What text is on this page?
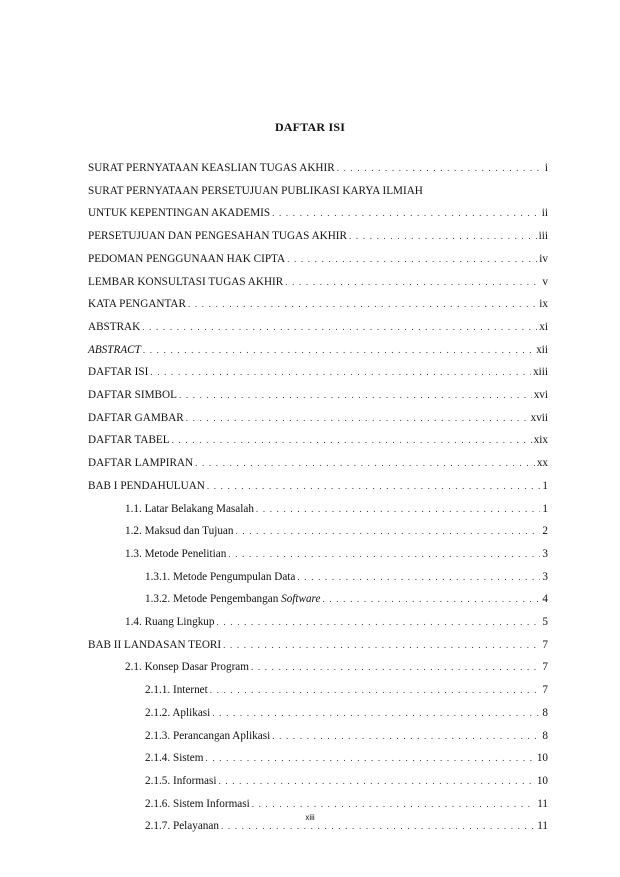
DAFTAR ISI
SURAT PERNYATAAN KEASLIAN TUGAS AKHIR . . .	i
SURAT PERNYATAAN PERSETUJUAN PUBLIKASI KARYA ILMIAH
UNTUK KEPENTINGAN AKADEMIS . . .	ii
PERSETUJUAN DAN PENGESAHAN TUGAS AKHIR . . .	iii
PEDOMAN PENGGUNAAN HAK CIPTA . . .	iv
LEMBAR KONSULTASI TUGAS AKHIR . . .	v
KATA PENGANTAR . . .	ix
ABSTRAK . . .	xi
ABSTRACT . . .	xii
DAFTAR ISI . . .	xiii
DAFTAR SIMBOL . . .	xvi
DAFTAR GAMBAR . . .	xvii
DAFTAR TABEL . . .	xix
DAFTAR LAMPIRAN . . .	xx
BAB I PENDAHULUAN . . .	1
1.1. Latar Belakang Masalah . . .	1
1.2. Maksud dan Tujuan . . .	2
1.3. Metode Penelitian . . .	3
1.3.1. Metode Pengumpulan Data . . .	3
1.3.2. Metode Pengembangan Software . . .	4
1.4. Ruang Lingkup . . .	5
BAB II LANDASAN TEORI . . .	7
2.1. Konsep Dasar Program . . .	7
2.1.1. Internet . . .	7
2.1.2. Aplikasi . . .	8
2.1.3. Perancangan Aplikasi . . .	8
2.1.4. Sistem . . .	10
2.1.5. Informasi . . .	10
2.1.6. Sistem Informasi . . .	11
2.1.7. Pelayanan . . .	11
xiii
